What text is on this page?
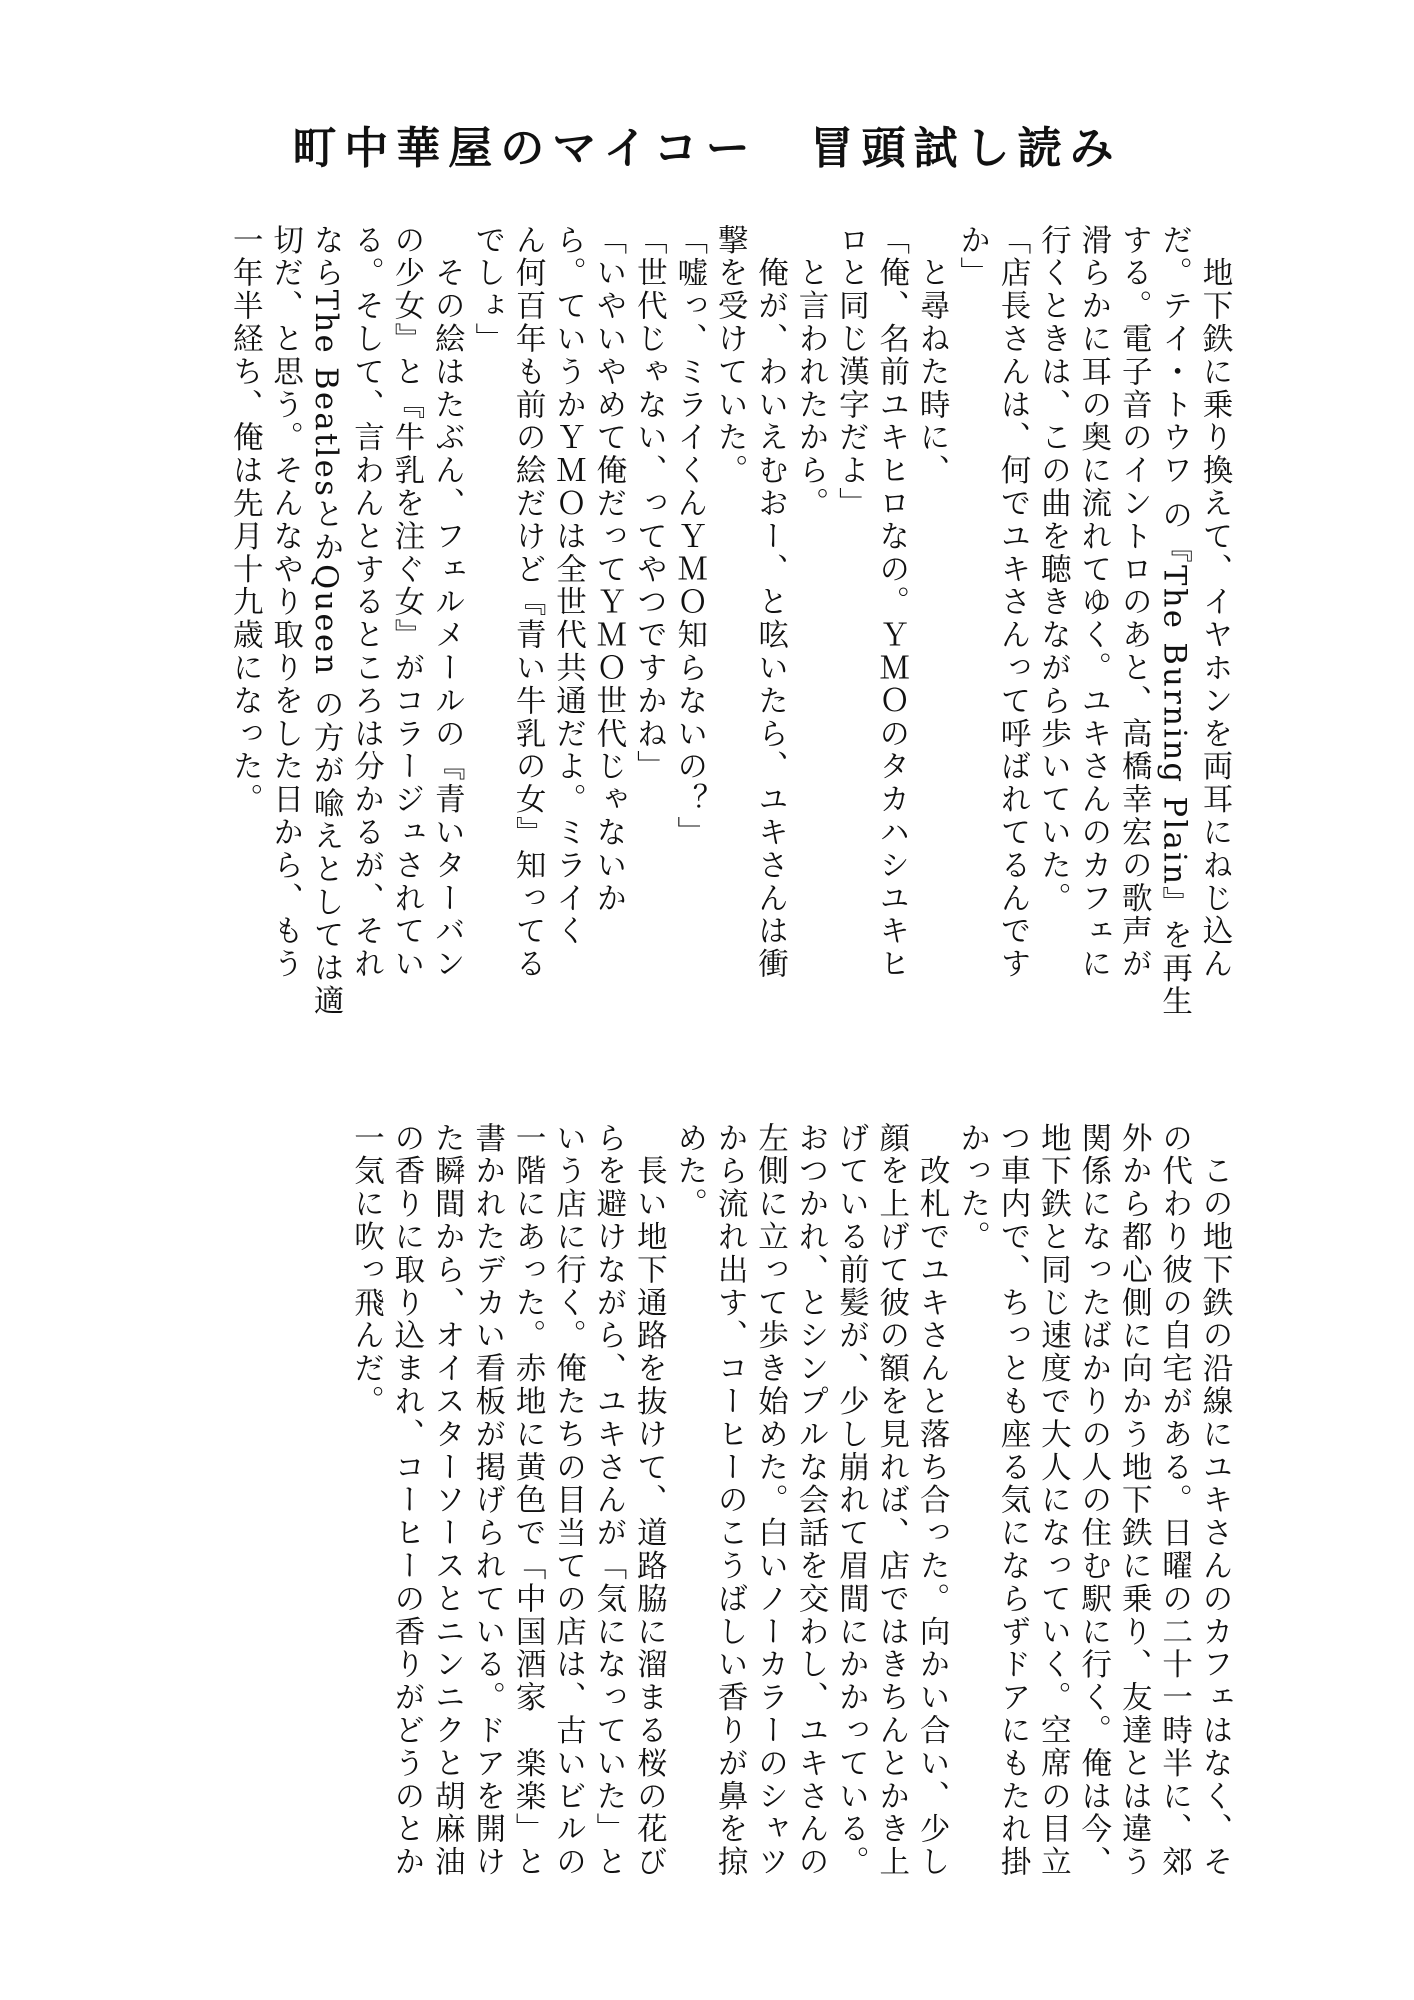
町中華屋のマイコー　冒頭試し読み

　地下鉄に乗り換えて、イヤホンを両耳にねじ込ん

だ。テイ・トウワ の『The Burning Plain』を再生

する。電子音のイントロのあと、高橋幸宏の歌声が

滑らかに耳の奥に流れてゆく。ユキさんのカフェに

行くときは、この曲を聴きながら歩いていた。

「店長さんは、何でユキさんって呼ばれてるんです

か」

　と尋ねた時に、

「俺、名前ユキヒロなの。ＹＭＯのタカハシユキヒ

ロと同じ漢字だよ」

　と言われたから。

　俺が、わいえむおー、と呟いたら、ユキさんは衝

撃を受けていた。

「嘘っ、ミライくんＹＭＯ知らないの？」

「世代じゃない、ってやつですかね」

「いやいやめて俺だってＹＭＯ世代じゃないか

ら。ていうかＹＭＯは全世代共通だよ。ミライく

ん何百年も前の絵だけど『青い牛乳の女』知ってる

でしょ」

　その絵はたぶん、フェルメールの『青いターバン

の少女』と『牛乳を注ぐ女』がコラージュされてい

る。そして、言わんとするところは分かるが、それ

ならThe BeatlesとかQueen の方が喩えとしては適

切だ、と思う。そんなやり取りをした日から、もう

一年半経ち、俺は先月十九歳になった。

　この地下鉄の沿線にユキさんのカフェはなく、そ

の代わり彼の自宅がある。日曜の二十一時半に、郊

外から都心側に向かう地下鉄に乗り、友達とは違う

関係になったばかりの人の住む駅に行く。俺は今、

地下鉄と同じ速度で大人になっていく。空席の目立

つ車内で、ちっとも座る気にならずドアにもたれ掛

かった。

　改札でユキさんと落ち合った。向かい合い、少し

顔を上げて彼の額を見れば、店ではきちんとかき上

げている前髪が、少し崩れて眉間にかかっている。

おつかれ、とシンプルな会話を交わし、ユキさんの

左側に立って歩き始めた。白いノーカラーのシャツ

から流れ出す、コーヒーのこうばしい香りが鼻を掠

めた。

　長い地下通路を抜けて、道路脇に溜まる桜の花び

らを避けながら、ユキさんが「気になっていた」と

いう店に行く。俺たちの目当ての店は、古いビルの

一階にあった。赤地に黄色で「中国酒家　楽楽」と

書かれたデカい看板が掲げられている。ドアを開け

た瞬間から、オイスターソースとニンニクと胡麻油

の香りに取り込まれ、コーヒーの香りがどうのとか

一気に吹っ飛んだ。
